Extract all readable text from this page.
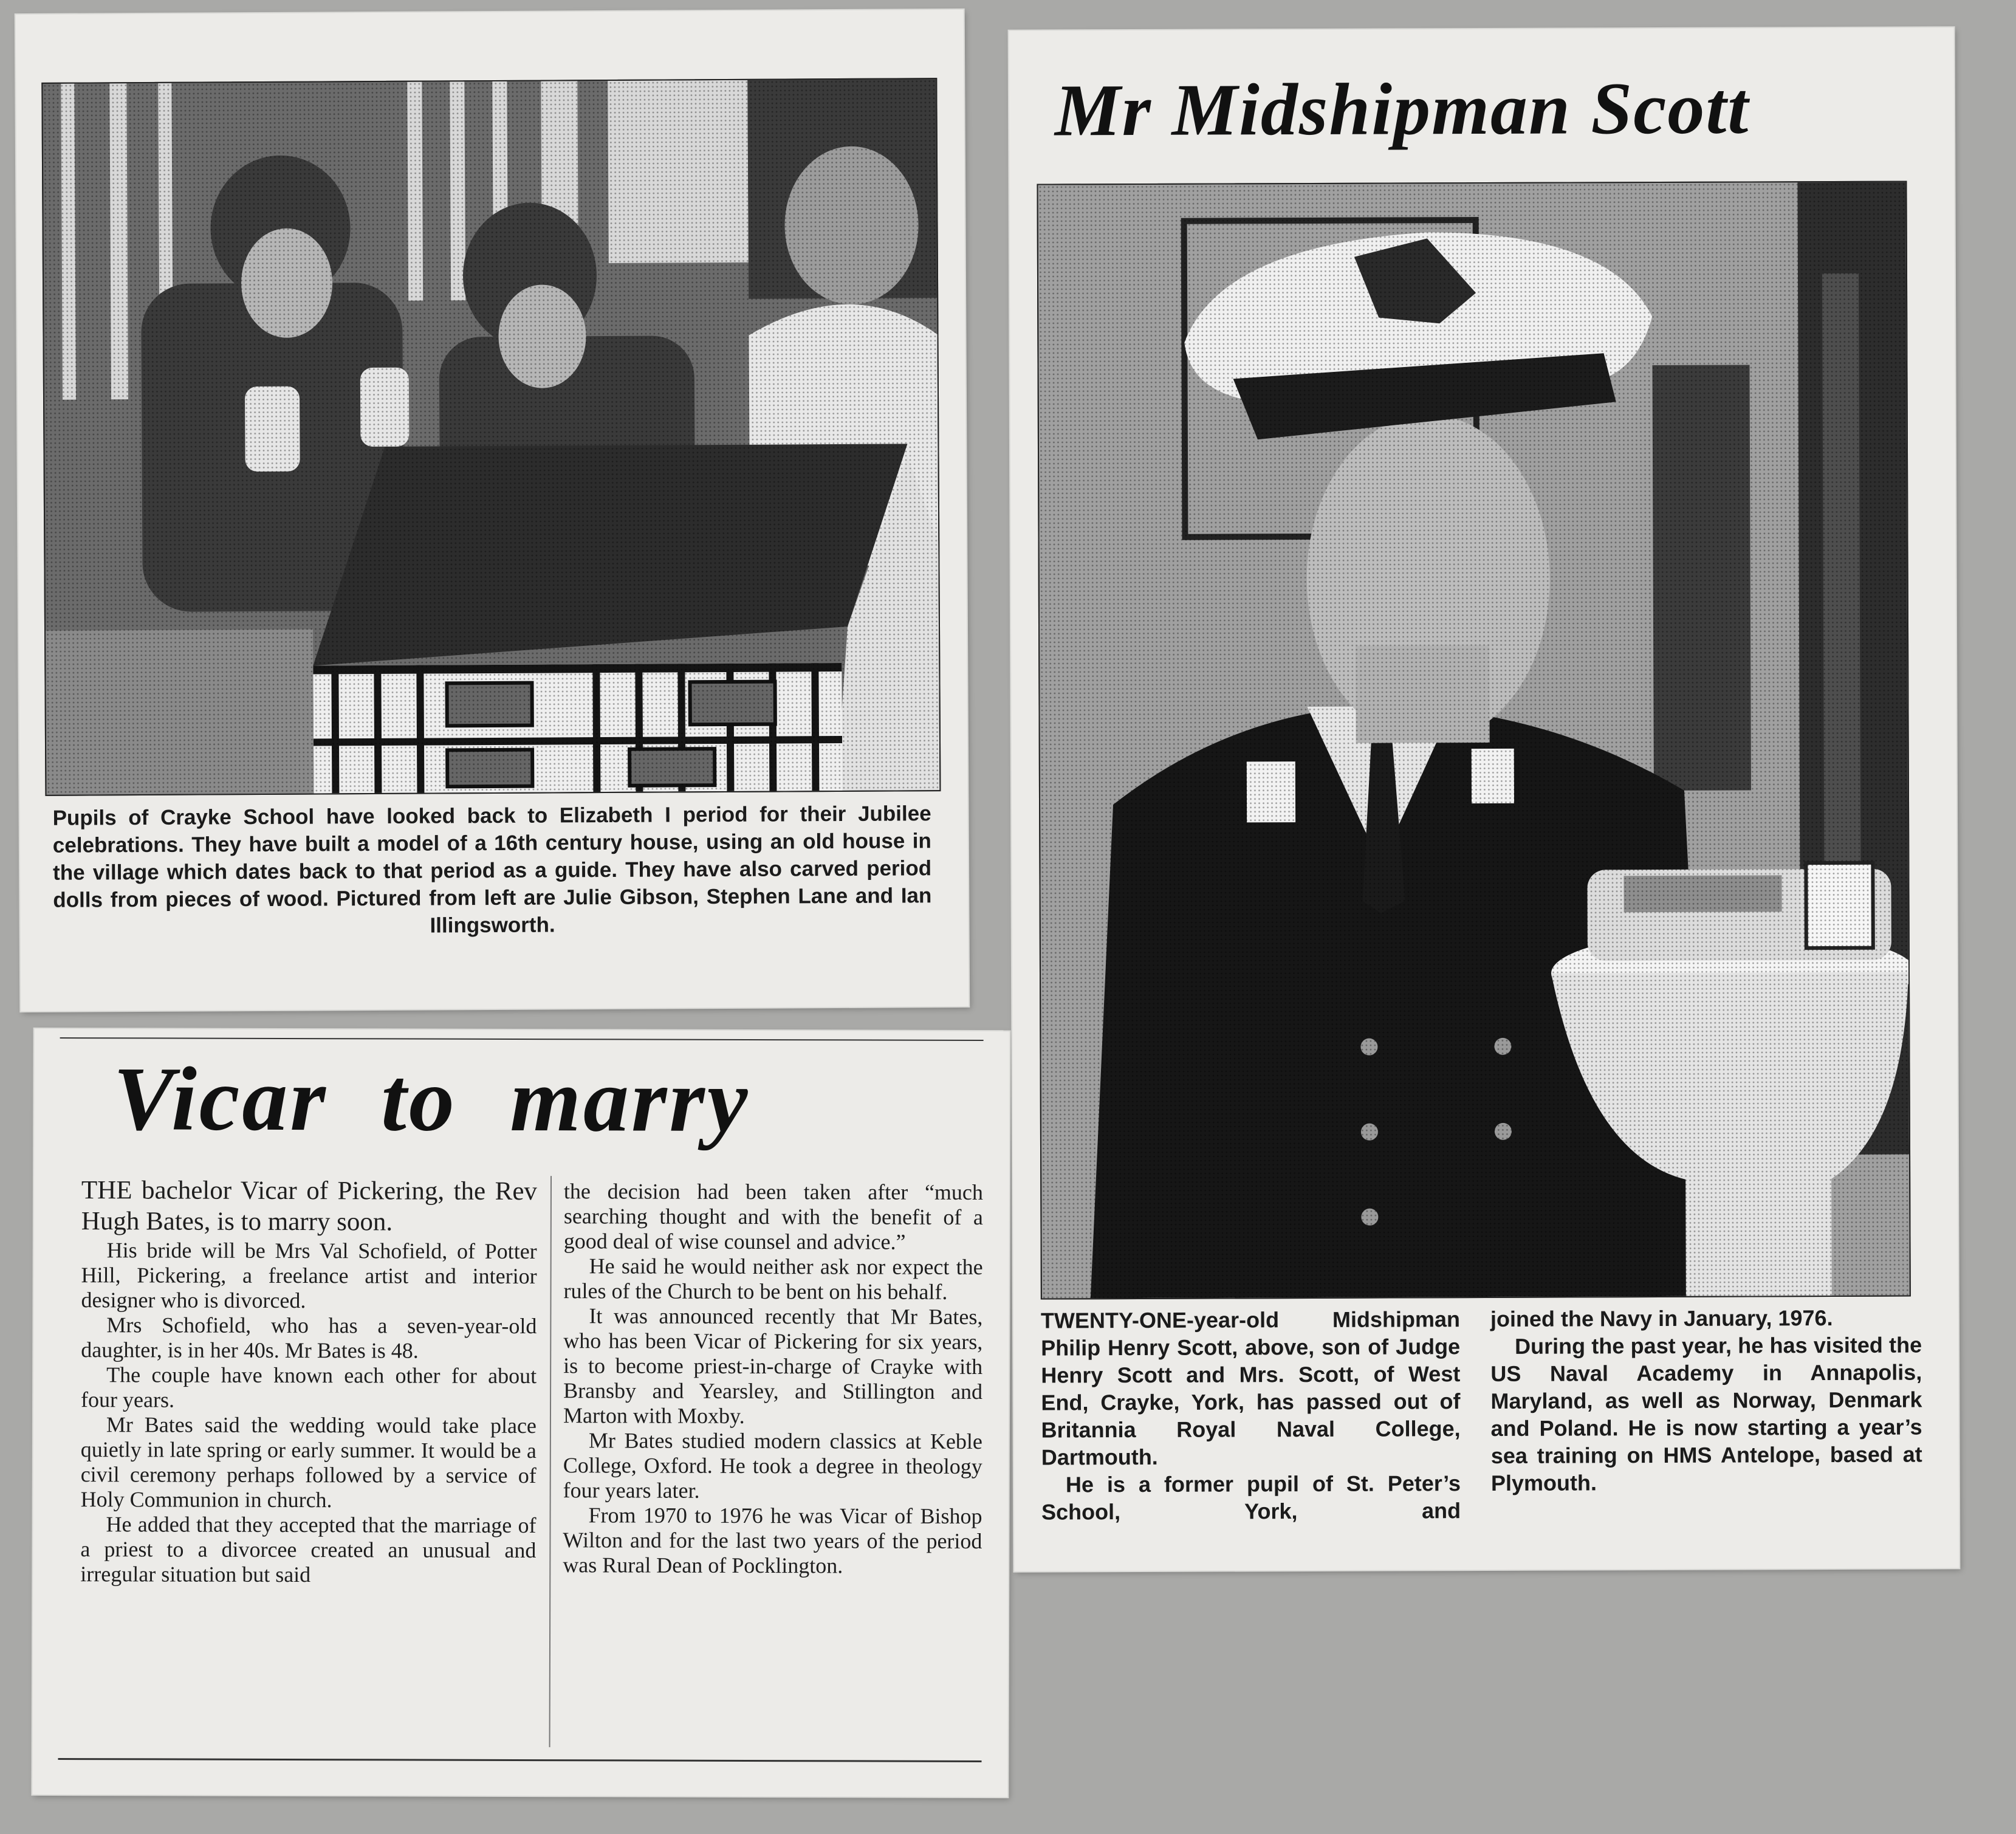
Pupils of Crayke School have looked back to Elizabeth I period for their Jubilee celebrations. They have built a model of a 16th century house, using an old house in the village which dates back to that period as a guide. They have also carved period dolls from pieces of wood. Pictured from left are Julie Gibson, Stephen Lane and Ian Illingsworth.
Vicar to marry

THE bachelor Vicar of Pickering, the Rev Hugh Bates, is to marry soon.

His bride will be Mrs Val Schofield, of Potter Hill, Pickering, a freelance artist and interior designer who is divorced.

Mrs Schofield, who has a seven-year-old daughter, is in her 40s. Mr Bates is 48.

The couple have known each other for about four years.

Mr Bates said the wedding would take place quietly in late spring or early summer. It would be a civil ceremony perhaps followed by a service of Holy Communion in church.

He added that they accepted that the marriage of a priest to a divorcee created an unusual and irregular situation but said

the decision had been taken after “much searching thought and with the benefit of a good deal of wise counsel and advice.”

He said he would neither ask nor expect the rules of the Church to be bent on his behalf.

It was announced recently that Mr Bates, who has been Vicar of Pickering for six years, is to become priest-in-charge of Crayke with Bransby and Yearsley, and Stillington and Marton with Moxby.

Mr Bates studied modern classics at Keble College, Oxford. He took a degree in theology four years later.

From 1970 to 1976 he was Vicar of Bishop Wilton and for the last two years of the period was Rural Dean of Pocklington.

Mr Midshipman Scott

TWENTY-ONE-year-old Midshipman Philip Henry Scott, above, son of Judge Henry Scott and Mrs. Scott, of West End, Crayke, York, has passed out of Britannia Royal Naval College, Dartmouth.

He is a former pupil of St. Peter’s School, York, and

joined the Navy in January, 1976.

During the past year, he has visited the US Naval Academy in Annapolis, Maryland, as well as Norway, Denmark and Poland. He is now starting a year’s sea training on HMS Antelope, based at Plymouth.
